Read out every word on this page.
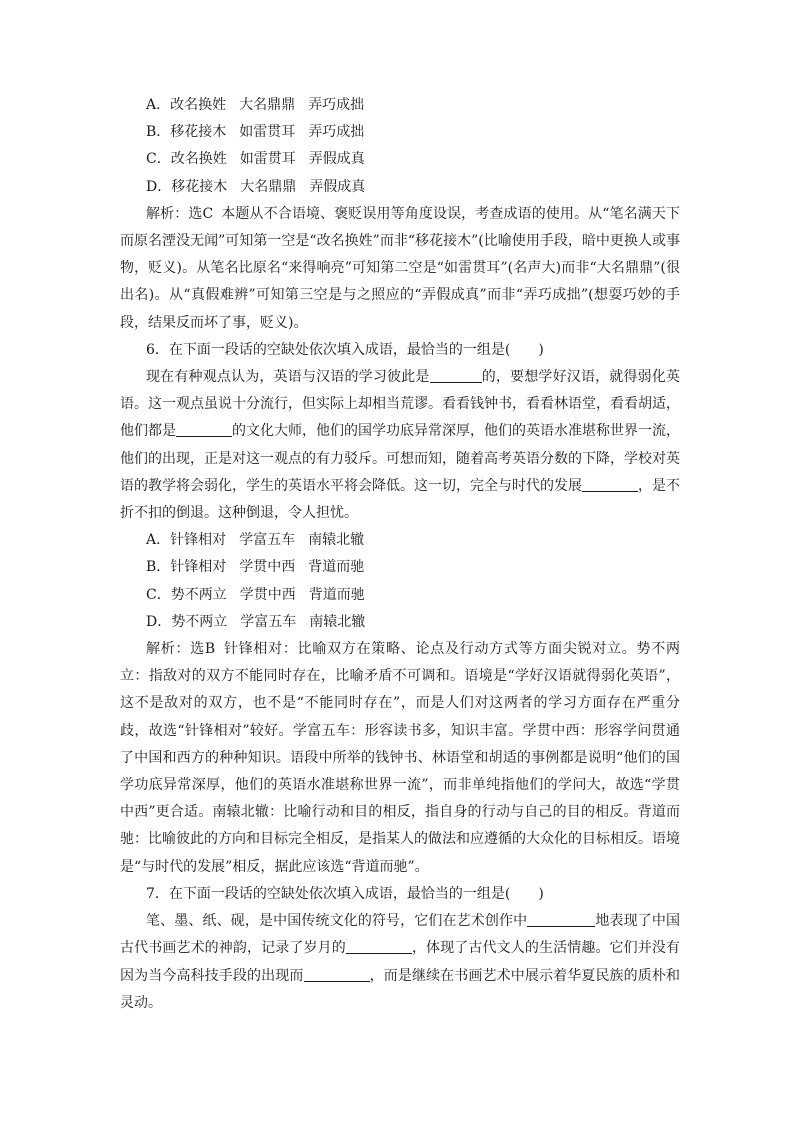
A．改名换姓 大名鼎鼎 弄巧成拙
B．移花接木 如雷贯耳 弄巧成拙
C．改名换姓 如雷贯耳 弄假成真
D．移花接木 大名鼎鼎 弄假成真

解析：选C 本题从不合语境、褒贬误用等角度设误，考查成语的使用。从“笔名满天下而原名湮没无闻”可知第一空是“改名换姓”而非“移花接木”(比喻使用手段，暗中更换人或事物，贬义)。从笔名比原名“来得响亮”可知第二空是“如雷贯耳”(名声大)而非“大名鼎鼎”(很出名)。从“真假难辨”可知第三空是与之照应的“弄假成真”而非“弄巧成拙”(想耍巧妙的手段，结果反而坏了事，贬义)。

6．在下面一段话的空缺处依次填入成语，最恰当的一组是(　　)

现在有种观点认为，英语与汉语的学习彼此是	的，要想学好汉语，就得弱化英语。这一观点虽说十分流行，但实际上却相当荒谬。看看钱钟书，看看林语堂，看看胡适，他们都是	的文化大师，他们的国学功底异常深厚，他们的英语水准堪称世界一流，他们的出现，正是对这一观点的有力驳斥。可想而知，随着高考英语分数的下降，学校对英语的教学将会弱化，学生的英语水平将会降低。这一切，完全与时代的发展	，是不折不扣的倒退。这种倒退，令人担忧。

A．针锋相对 学富五车 南辕北辙
B．针锋相对 学贯中西 背道而驰
C．势不两立 学贯中西 背道而驰
D．势不两立 学富五车 南辕北辙

解析：选B 针锋相对：比喻双方在策略、论点及行动方式等方面尖锐对立。势不两立：指敌对的双方不能同时存在，比喻矛盾不可调和。语境是“学好汉语就得弱化英语”，这不是敌对的双方，也不是“不能同时存在”，而是人们对这两者的学习方面存在严重分歧，故选“针锋相对”较好。学富五车：形容读书多，知识丰富。学贯中西：形容学问贯通了中国和西方的种种知识。语段中所举的钱钟书、林语堂和胡适的事例都是说明“他们的国学功底异常深厚，他们的英语水准堪称世界一流”，而非单纯指他们的学问大，故选“学贯中西”更合适。南辕北辙：比喻行动和目的相反，指自身的行动与自己的目的相反。背道而驰：比喻彼此的方向和目标完全相反，是指某人的做法和应遵循的大众化的目标相反。语境是“与时代的发展”相反，据此应该选“背道而驰”。

7．在下面一段话的空缺处依次填入成语，最恰当的一组是(　　)

笔、墨、纸、砚，是中国传统文化的符号，它们在艺术创作中	地表现了中国古代书画艺术的神韵，记录了岁月的	，体现了古代文人的生活情趣。它们并没有因为当今高科技手段的出现而	，而是继续在书画艺术中展示着华夏民族的质朴和灵动。
